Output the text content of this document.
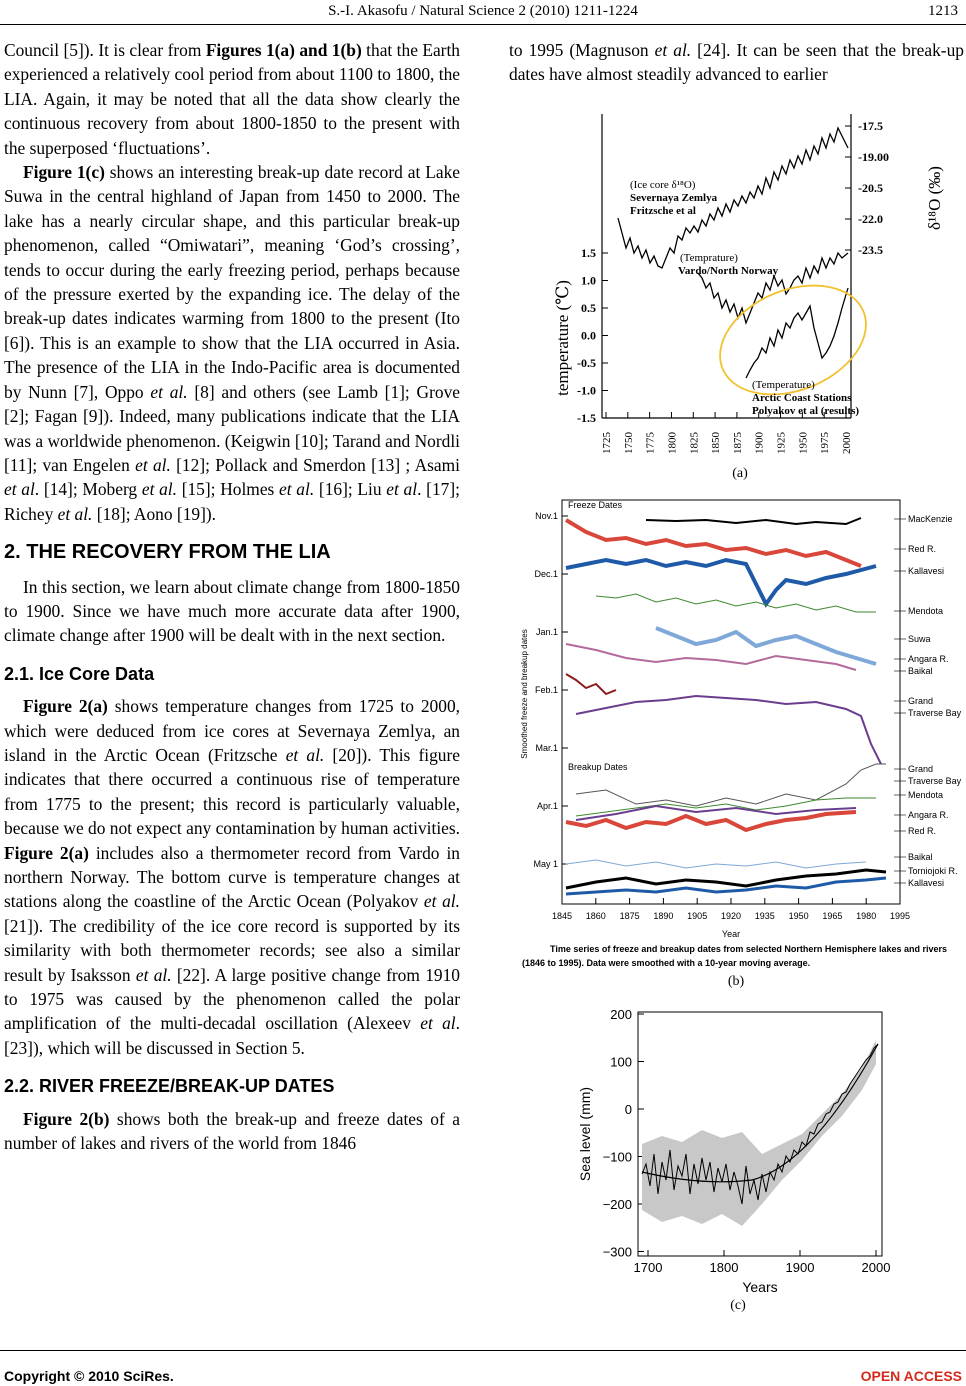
S.-I. Akasofu / Natural Science 2 (2010) 1211-1224	1213

Council [5]). It is clear from Figures 1(a) and 1(b) that the Earth experienced a relatively cool period from about 1100 to 1800, the LIA. Again, it may be noted that all the data show clearly the continuous recovery from about 1800-1850 to the present with the superposed ‘fluctuations’.

Figure 1(c) shows an interesting break-up date record at Lake Suwa in the central highland of Japan from 1450 to 2000. The lake has a nearly circular shape, and this particular break-up phenomenon, called “Omiwatari”, meaning ‘God’s crossing’, tends to occur during the early freezing period, perhaps because of the pressure exerted by the expanding ice. The delay of the break-up dates indicates warming from 1800 to the present (Ito [6]). This is an example to show that the LIA occurred in Asia. The presence of the LIA in the Indo-Pacific area is documented by Nunn [7], Oppo et al. [8] and others (see Lamb [1]; Grove [2]; Fagan [9]). Indeed, many publications indicate that the LIA was a worldwide phenomenon. (Keigwin [10]; Tarand and Nordli [11]; van Engelen et al. [12]; Pollack and Smerdon [13] ; Asami et al. [14]; Moberg et al. [15]; Holmes et al. [16]; Liu et al. [17]; Richey et al. [18]; Aono [19]).

2. THE RECOVERY FROM THE LIA

In this section, we learn about climate change from 1800-1850 to 1900. Since we have much more accurate data after 1900, climate change after 1900 will be dealt with in the next section.

2.1. Ice Core Data

Figure 2(a) shows temperature changes from 1725 to 2000, which were deduced from ice cores at Severnaya Zemlya, an island in the Arctic Ocean (Fritzsche et al. [20]). This figure indicates that there occurred a continuous rise of temperature from 1775 to the present; this record is particularly valuable, because we do not expect any contamination by human activities. Figure 2(a) includes also a thermometer record from Vardo in northern Norway. The bottom curve is temperature changes at stations along the coastline of the Arctic Ocean (Polyakov et al. [21]). The credibility of the ice core record is supported by its similarity with both thermometer records; see also a similar result by Isaksson et al. [22]. A large positive change from 1910 to 1975 was caused by the phenomenon called the polar amplification of the multi-decadal oscillation (Alexeev et al. [23]), which will be discussed in Section 5.

2.2. RIVER FREEZE/BREAK-UP DATES

Figure 2(b) shows both the break-up and freeze dates of a number of lakes and rivers of the world from 1846

to 1995 (Magnuson et al. [24]. It can be seen that the break-up dates have almost steadily advanced to earlier

1.5
1.0
0.5
0.0
-0.5
-1.0
-1.5
-17.5
-19.00
-20.5
-22.0
-23.5
1725 1750 1775 1800 1825 1850 1875 1900 1925 1950 1975 2000
temperature (℃)
δ¹⁸O (‰)
(Ice core δ¹⁸O)
Severnaya Zemlya
Fritzsche et al
(Temprature)
Vardo/North Norway
(Temperature)
Arctic Coast Stations
Polyakov et al (results)
(a)
Freeze Dates
Breakup Dates
Smoothed freeze and breakup dates
Nov.1
Dec.1
Jan.1
Feb.1
Mar.1
Apr.1
May 1
1845 1860 1875 1890 1905 1920 1935 1950 1965 1980 1995
Year
MacKenzie
Red R.
Kallavesi
Mendota
Suwa
Angara R.
Baikal
Grand
Traverse Bay
Grand
Traverse Bay
Mendota
Angara R.
Red R.
Baikal
Torniojoki R.
Kallavesi
Time series of freeze and breakup dates from selected Northern Hemisphere lakes and rivers
(1846 to 1995). Data were smoothed with a 10-year moving average.
(b)
200
100
0
−100
−200
−300
1700	1800	1900	2000
Sea level (mm)
Years
(c)
Copyright © 2010 SciRes.	OPEN ACCESS
